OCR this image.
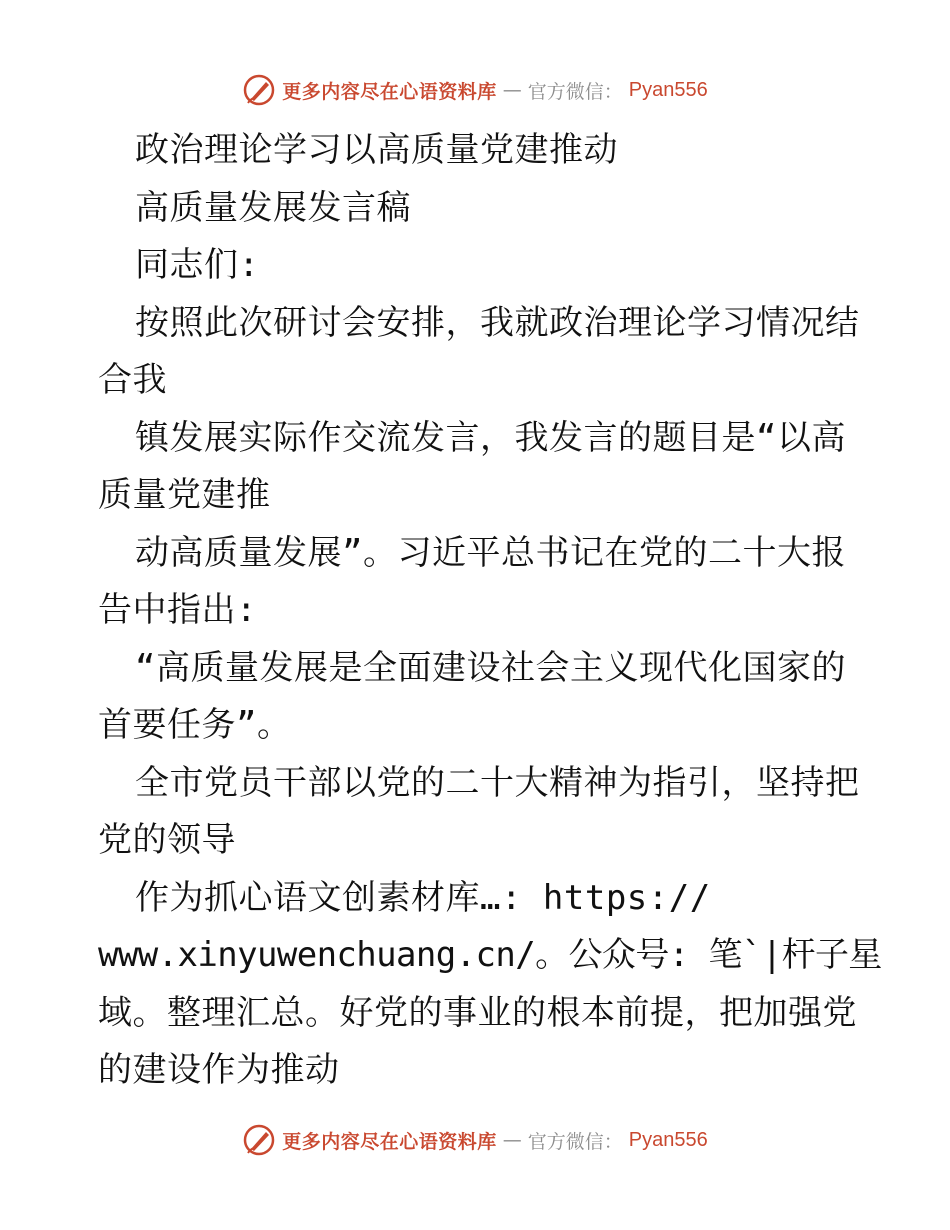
更多内容尽在心语资料库 — 官方微信： Pyan556
政治理论学习以高质量党建推动
高质量发展发言稿
同志们:
按照此次研讨会安排，我就政治理论学习情况结
合我
镇发展实际作交流发言，我发言的题目是“以高
质量党建推
动高质量发展”。习近平总书记在党的二十大报
告中指出:
“高质量发展是全面建设社会主义现代化国家的
首要任务”。
全市党员干部以党的二十大精神为指引，坚持把
党的领导
作为抓心语文创素材库…: https://
www.xinyuwenchuang.cn/。公众号: 笔`|杆子星
域。整理汇总。好党的事业的根本前提，把加强党
的建设作为推动
更多内容尽在心语资料库 — 官方微信： Pyan556
